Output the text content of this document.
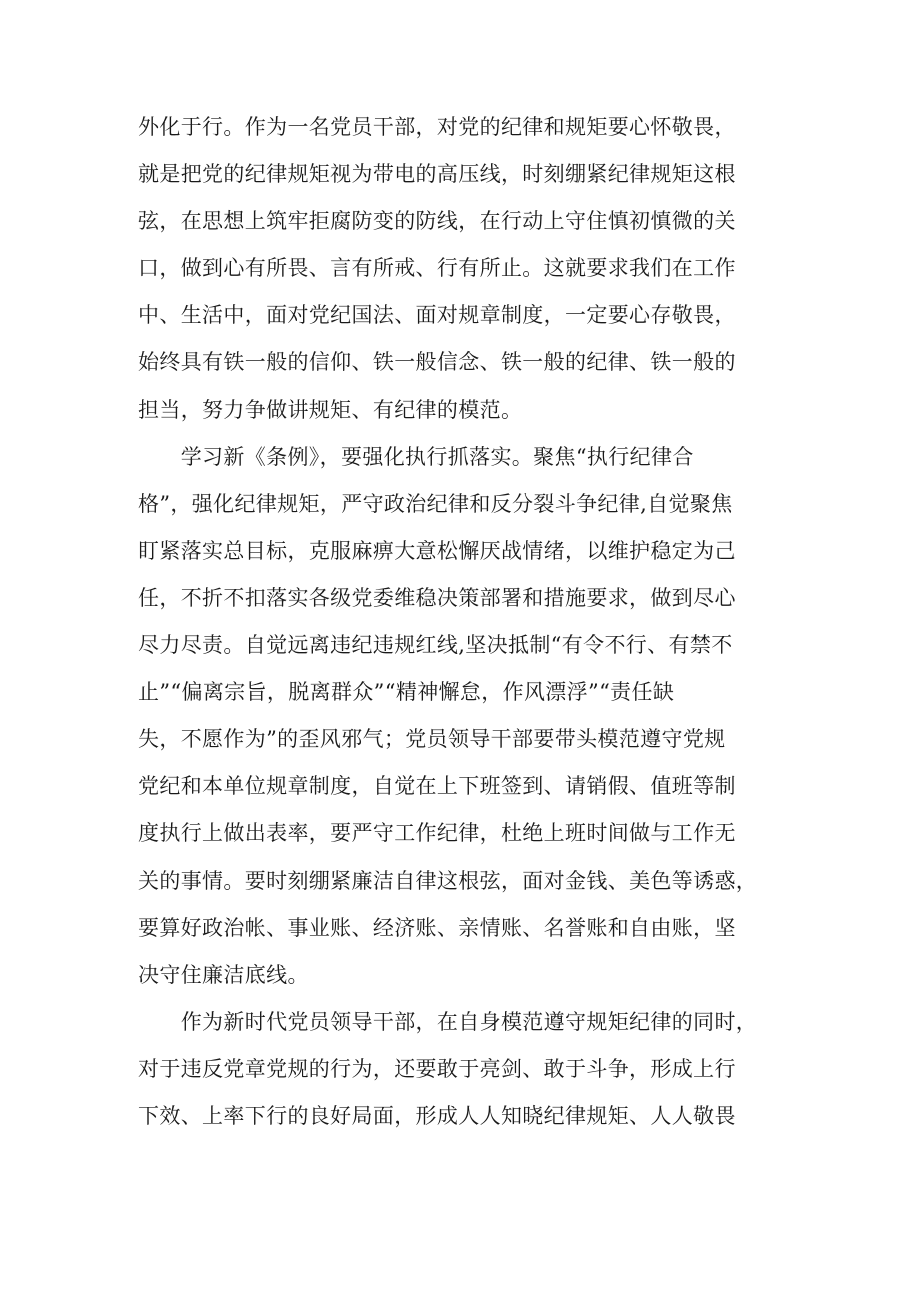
外化于行。作为一名党员干部，对党的纪律和规矩要心怀敬畏，
就是把党的纪律规矩视为带电的高压线，时刻绷紧纪律规矩这根
弦，在思想上筑牢拒腐防变的防线，在行动上守住慎初慎微的关
口，做到心有所畏、言有所戒、行有所止。这就要求我们在工作
中、生活中，面对党纪国法、面对规章制度，一定要心存敬畏，
始终具有铁一般的信仰、铁一般信念、铁一般的纪律、铁一般的
担当，努力争做讲规矩、有纪律的模范。
　　学习新《条例》，要强化执行抓落实。聚焦“执行纪律合
格”，强化纪律规矩，严守政治纪律和反分裂斗争纪律,自觉聚焦
盯紧落实总目标，克服麻痹大意松懈厌战情绪，以维护稳定为己
任，不折不扣落实各级党委维稳决策部署和措施要求，做到尽心
尽力尽责。自觉远离违纪违规红线,坚决抵制“有令不行、有禁不
止”“偏离宗旨，脱离群众”“精神懈怠，作风漂浮”“责任缺
失，不愿作为”的歪风邪气；党员领导干部要带头模范遵守党规
党纪和本单位规章制度，自觉在上下班签到、请销假、值班等制
度执行上做出表率，要严守工作纪律，杜绝上班时间做与工作无
关的事情。要时刻绷紧廉洁自律这根弦，面对金钱、美色等诱惑，
要算好政治帐、事业账、经济账、亲情账、名誉账和自由账，坚
决守住廉洁底线。
　　作为新时代党员领导干部，在自身模范遵守规矩纪律的同时，
对于违反党章党规的行为，还要敢于亮剑、敢于斗争，形成上行
下效、上率下行的良好局面，形成人人知晓纪律规矩、人人敬畏
